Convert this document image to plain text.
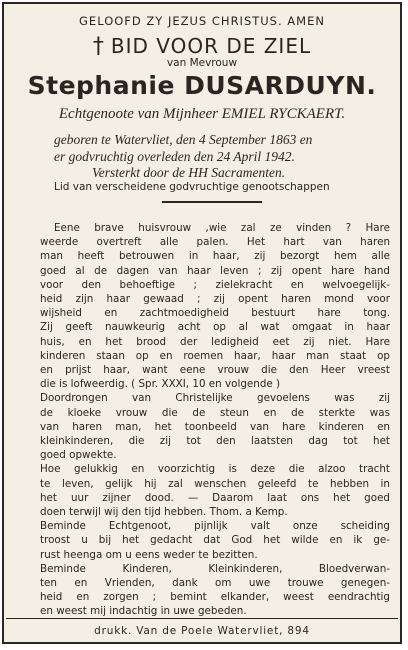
GELOOFD ZY JEZUS CHRISTUS. AMEN
† BID VOOR DE ZIEL
van Mevrouw
Stephanie DUSARDUYN.
Echtgenoote van Mijnheer EMIEL RYCKAERT.
geboren te Watervliet, den 4 September 1863 en
er godvruchtig overleden den 24 April 1942.
Versterkt door de HH Sacramenten.
Lid van verscheidene godvruchtige genootschappen
Eene brave huisvrouw ,wie zal ze vinden ? Hare
weerde overtreft alle palen. Het hart van haren
man heeft betrouwen in haar, zij bezorgt hem alle
goed al de dagen van haar leven ; zij opent hare hand
voor den behoeftige ; zielekracht en welvoegelijk-
heid zijn haar gewaad ; zij opent haren mond voor
wijsheid en zachtmoedigheid bestuurt hare tong.
Zij geeft nauwkeurig acht op al wat omgaat in haar
huis, en het brood der ledigheid eet zij niet. Hare
kinderen staan op en roemen haar, haar man staat op
en prijst haar, want eene vrouw die den Heer vreest
die is lofweerdig. ( Spr. XXXI, 10 en volgende )
Doordrongen van Christelijke gevoelens was zij
de kloeke vrouw die de steun en de sterkte was
van haren man, het toonbeeld van hare kinderen en
kleinkinderen, die zij tot den laatsten dag tot het
goed opwekte.
Hoe gelukkig en voorzichtig is deze die alzoo tracht
te leven, gelijk hij zal wenschen geleefd te hebben in
het uur zijner dood. — Daarom laat ons het goed
doen terwijl wij den tijd hebben. Thom. a Kemp.
Beminde Echtgenoot, pijnlijk valt onze scheiding
troost u bij het gedacht dat God het wilde en ik ge-
rust heenga om u eens weder te bezitten.
Beminde Kinderen, Kleinkinderen, Bloedverwan-
ten en Vrienden, dank om uwe trouwe genegen-
heid en zorgen ; bemint elkander, weest eendrachtig
en weest mij indachtig in uwe gebeden.
drukk. Van de Poele Watervliet, 894
